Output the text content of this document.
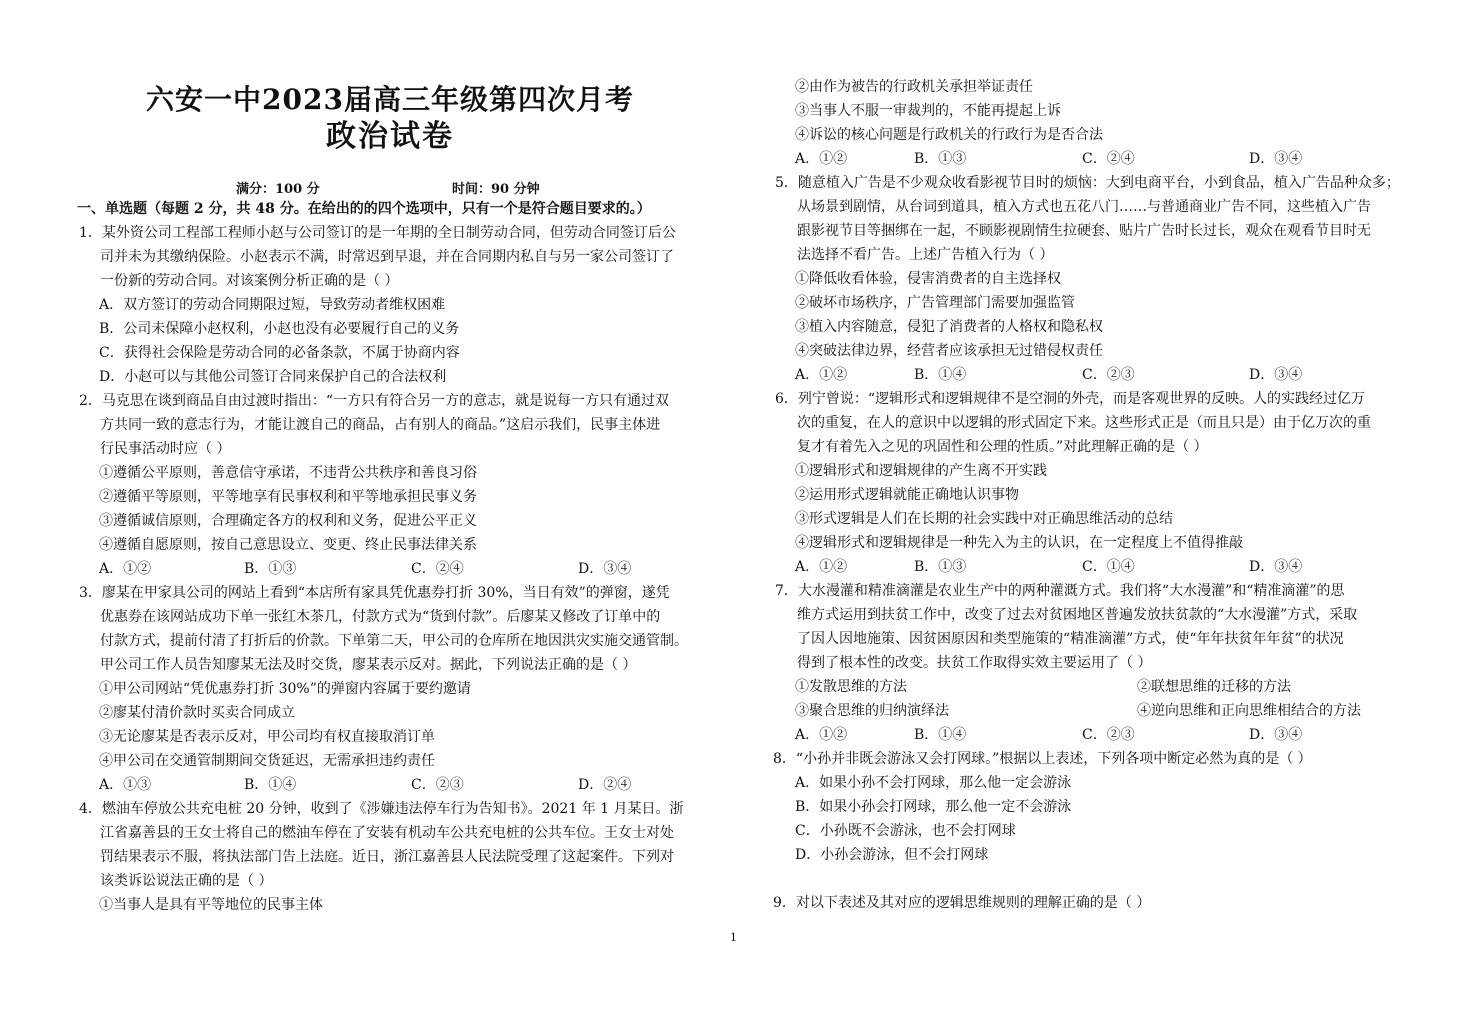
六安一中2023届高三年级第四次月考
政治试卷
满分：100 分	时间：90 分钟
一、单选题（每题 2 分，共 48 分。在给出的的四个选项中，只有一个是符合题目要求的。）
1．某外资公司工程部工程师小赵与公司签订的是一年期的全日制劳动合同，但劳动合同签订后公
司并未为其缴纳保险。小赵表示不满，时常迟到早退，并在合同期内私自与另一家公司签订了
一份新的劳动合同。对该案例分析正确的是（ ）
A．双方签订的劳动合同期限过短，导致劳动者维权困难
B．公司未保障小赵权利，小赵也没有必要履行自己的义务
C．获得社会保险是劳动合同的必备条款，不属于协商内容
D．小赵可以与其他公司签订合同来保护自己的合法权利
2．马克思在谈到商品自由过渡时指出：“一方只有符合另一方的意志，就是说每一方只有通过双
方共同一致的意志行为，才能让渡自己的商品，占有别人的商品。”这启示我们，民事主体进
行民事活动时应（ ）
①遵循公平原则，善意信守承诺，不违背公共秩序和善良习俗
②遵循平等原则，平等地享有民事权利和平等地承担民事义务
③遵循诚信原则，合理确定各方的权利和义务，促进公平正义
④遵循自愿原则，按自己意思设立、变更、终止民事法律关系
A．①②	B．①③	C．②④	D．③④
3．廖某在甲家具公司的网站上看到“本店所有家具凭优惠券打折 30%，当日有效”的弹窗，遂凭
优惠券在该网站成功下单一张红木茶几，付款方式为“货到付款”。后廖某又修改了订单中的
付款方式，提前付清了打折后的价款。下单第二天，甲公司的仓库所在地因洪灾实施交通管制。
甲公司工作人员告知廖某无法及时交货，廖某表示反对。据此，下列说法正确的是（ ）
①甲公司网站“凭优惠券打折 30%”的弹窗内容属于要约邀请
②廖某付清价款时买卖合同成立
③无论廖某是否表示反对，甲公司均有权直接取消订单
④甲公司在交通管制期间交货延迟，无需承担违约责任
A．①③	B．①④	C．②③	D．②④
4．燃油车停放公共充电桩 20 分钟，收到了《涉嫌违法停车行为告知书》。2021 年 1 月某日。浙
江省嘉善县的王女士将自己的燃油车停在了安装有机动车公共充电桩的公共车位。王女士对处
罚结果表示不服，将执法部门告上法庭。近日，浙江嘉善县人民法院受理了这起案件。下列对
该类诉讼说法正确的是（ ）
①当事人是具有平等地位的民事主体
②由作为被告的行政机关承担举证责任
③当事人不服一审裁判的，不能再提起上诉
④诉讼的核心问题是行政机关的行政行为是否合法
A．①②	B．①③	C．②④	D．③④
5．随意植入广告是不少观众收看影视节目时的烦恼：大到电商平台，小到食品，植入广告品种众多；
从场景到剧情，从台词到道具，植入方式也五花八门……与普通商业广告不同，这些植入广告
跟影视节目等捆绑在一起，不顾影视剧情生拉硬套、贴片广告时长过长，观众在观看节目时无
法选择不看广告。上述广告植入行为（ ）
①降低收看体验，侵害消费者的自主选择权
②破坏市场秩序，广告管理部门需要加强监管
③植入内容随意，侵犯了消费者的人格权和隐私权
④突破法律边界，经营者应该承担无过错侵权责任
A．①②	B．①④	C．②③	D．③④
6．列宁曾说：“逻辑形式和逻辑规律不是空洞的外壳，而是客观世界的反映。人的实践经过亿万
次的重复，在人的意识中以逻辑的形式固定下来。这些形式正是（而且只是）由于亿万次的重
复才有着先入之见的巩固性和公理的性质。”对此理解正确的是（ ）
①逻辑形式和逻辑规律的产生离不开实践
②运用形式逻辑就能正确地认识事物
③形式逻辑是人们在长期的社会实践中对正确思维活动的总结
④逻辑形式和逻辑规律是一种先入为主的认识，在一定程度上不值得推敲
A．①②	B．①③	C．①④	D．③④
7．大水漫灌和精准滴灌是农业生产中的两种灌溉方式。我们将“大水漫灌”和“精准滴灌”的思
维方式运用到扶贫工作中，改变了过去对贫困地区普遍发放扶贫款的“大水漫灌”方式，采取
了因人因地施策、因贫困原因和类型施策的“精准滴灌”方式，使“年年扶贫年年贫”的状况
得到了根本性的改变。扶贫工作取得实效主要运用了（ ）
①发散思维的方法	②联想思维的迁移的方法
③聚合思维的归纳演绎法	④逆向思维和正向思维相结合的方法
A．①②	B．①④	C．②③	D．③④
8．“小孙并非既会游泳又会打网球。”根据以上表述，下列各项中断定必然为真的是（ ）
A．如果小孙不会打网球，那么他一定会游泳
B．如果小孙会打网球，那么他一定不会游泳
C．小孙既不会游泳，也不会打网球
D．小孙会游泳，但不会打网球
9．对以下表述及其对应的逻辑思维规则的理解正确的是（ ）
1
